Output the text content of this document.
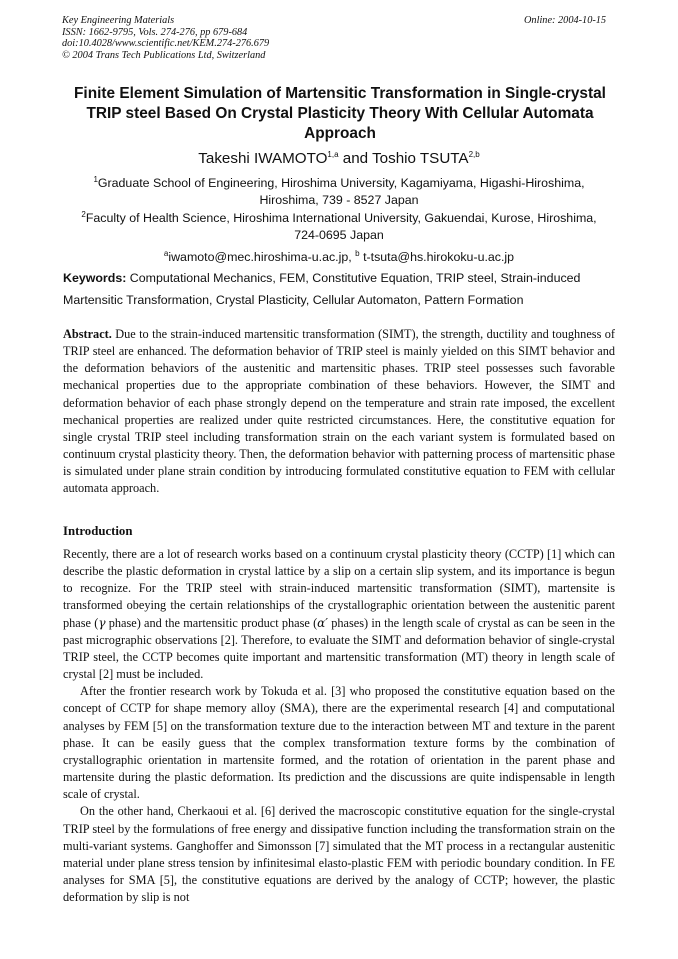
Key Engineering Materials
ISSN: 1662-9795, Vols. 274-276, pp 679-684
doi:10.4028/www.scientific.net/KEM.274-276.679
© 2004 Trans Tech Publications Ltd, Switzerland
Online: 2004-10-15
Finite Element Simulation of Martensitic Transformation in Single-crystal TRIP steel Based On Crystal Plasticity Theory With Cellular Automata Approach
Takeshi IWAMOTO$^{1,a}$ and Toshio TSUTA$^{2,b}$
$^1$Graduate School of Engineering, Hiroshima University, Kagamiyama, Higashi-Hiroshima, Hiroshima, 739 - 8527 Japan
$^2$Faculty of Health Science, Hiroshima International University, Gakuendai, Kurose, Hiroshima, 724-0695 Japan
$^a$iwamoto@mec.hiroshima-u.ac.jp, $^b$ t-tsuta@hs.hirokoku-u.ac.jp
Keywords: Computational Mechanics, FEM, Constitutive Equation, TRIP steel, Strain-induced Martensitic Transformation, Crystal Plasticity, Cellular Automaton, Pattern Formation

Abstract. Due to the strain-induced martensitic transformation (SIMT), the strength, ductility and toughness of TRIP steel are enhanced. The deformation behavior of TRIP steel is mainly yielded on this SIMT behavior and the deformation behaviors of the austenitic and martensitic phases. TRIP steel possesses such favorable mechanical properties due to the appropriate combination of these behaviors. However, the SIMT and deformation behavior of each phase strongly depend on the temperature and strain rate imposed, the excellent mechanical properties are realized under quite restricted circumstances. Here, the constitutive equation for single crystal TRIP steel including transformation strain on the each variant system is formulated based on continuum crystal plasticity theory. Then, the deformation behavior with patterning process of martensitic phase is simulated under plane strain condition by introducing formulated constitutive equation to FEM with cellular automata approach.

Introduction

Recently, there are a lot of research works based on a continuum crystal plasticity theory (CCTP) [1] which can describe the plastic deformation in crystal lattice by a slip on a certain slip system, and its importance is begun to recognize. For the TRIP steel with strain-induced martensitic transformation (SIMT), martensite is transformed obeying the certain relationships of the crystallographic orientation between the austenitic parent phase (γ phase) and the martensitic product phase (α′ phases) in the length scale of crystal as can be seen in the past micrographic observations [2]. Therefore, to evaluate the SIMT and deformation behavior of single-crystal TRIP steel, the CCTP becomes quite important and martensitic transformation (MT) theory in length scale of crystal [2] must be included.

After the frontier research work by Tokuda et al. [3] who proposed the constitutive equation based on the concept of CCTP for shape memory alloy (SMA), there are the experimental research [4] and computational analyses by FEM [5] on the transformation texture due to the interaction between MT and texture in the parent phase. It can be easily guess that the complex transformation texture forms by the combination of crystallographic orientation in martensite formed, and the rotation of orientation in the parent phase and martensite during the plastic deformation. Its prediction and the discussions are quite indispensable in length scale of crystal.

On the other hand, Cherkaoui et al. [6] derived the macroscopic constitutive equation for the single-crystal TRIP steel by the formulations of free energy and dissipative function including the transformation strain on the multi-variant systems. Ganghoffer and Simonsson [7] simulated that the MT process in a rectangular austenitic material under plane stress tension by infinitesimal elasto-plastic FEM with periodic boundary condition. In FE analyses for SMA [5], the constitutive equations are derived by the analogy of CCTP; however, the plastic deformation by slip is not
